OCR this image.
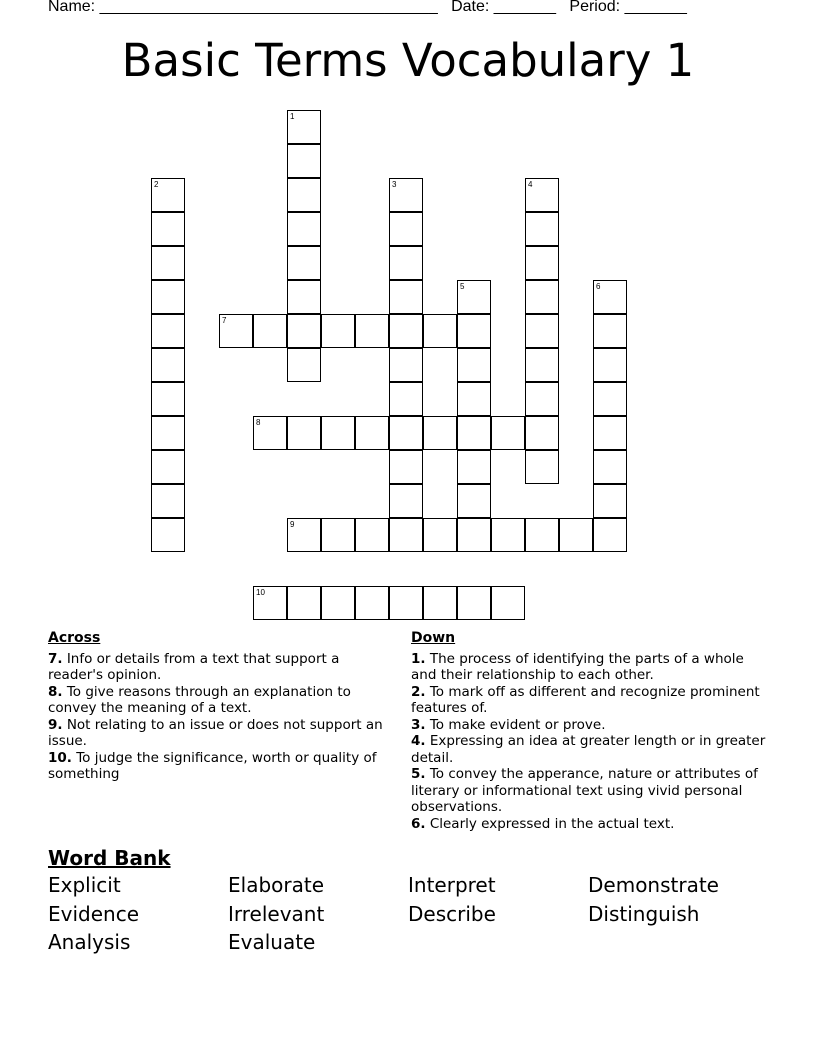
Name: ______________________________________ Date: _______ Period: _______
Basic Terms Vocabulary 1
1
2	3	4
5	6
7
8
9
10
Across
7. Info or details from a text that support a reader's opinion.
8. To give reasons through an explanation to convey the meaning of a text.
9. Not relating to an issue or does not support an issue.
10. To judge the significance, worth or quality of something
Down
1. The process of identifying the parts of a whole and their relationship to each other.
2. To mark off as different and recognize prominent features of.
3. To make evident or prove.
4. Expressing an idea at greater length or in greater detail.
5. To convey the apperance, nature or attributes of literary or informational text using vivid personal observations.
6. Clearly expressed in the actual text.
Word Bank
Explicit	Elaborate	Interpret	Demonstrate
Evidence	Irrelevant	Describe	Distinguish
Analysis	Evaluate
